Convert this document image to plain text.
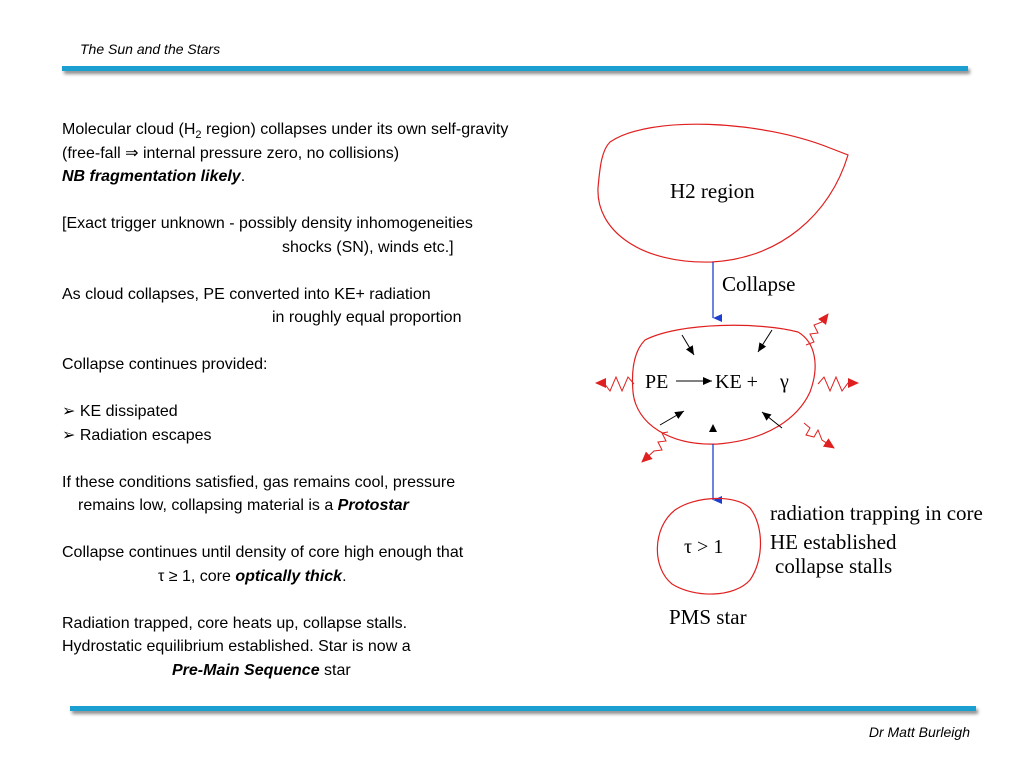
The Sun and the Stars

Molecular cloud ($H_2$ region) collapses under its own self-gravity

(free-fall ⇒ internal pressure zero, no collisions)

NB fragmentation likely.

[Exact trigger unknown - possibly density inhomogeneities

shocks (SN), winds etc.]

As cloud collapses, PE converted into KE+ radiation

in roughly equal proportion

Collapse continues provided:

➢ KE dissipated

➢ Radiation escapes

If these conditions satisfied, gas remains cool, pressure

remains low, collapsing material is a Protostar

Collapse continues until density of core high enough that

τ ≥ 1, core optically thick.

Radiation trapped, core heats up, collapse stalls.

Hydrostatic equilibrium established. Star is now a

Pre-Main Sequence star

H2 region
Collapse
PE KE + γ
τ > 1
radiation trapping in core
HE established
collapse stalls
PMS star
Dr Matt Burleigh
